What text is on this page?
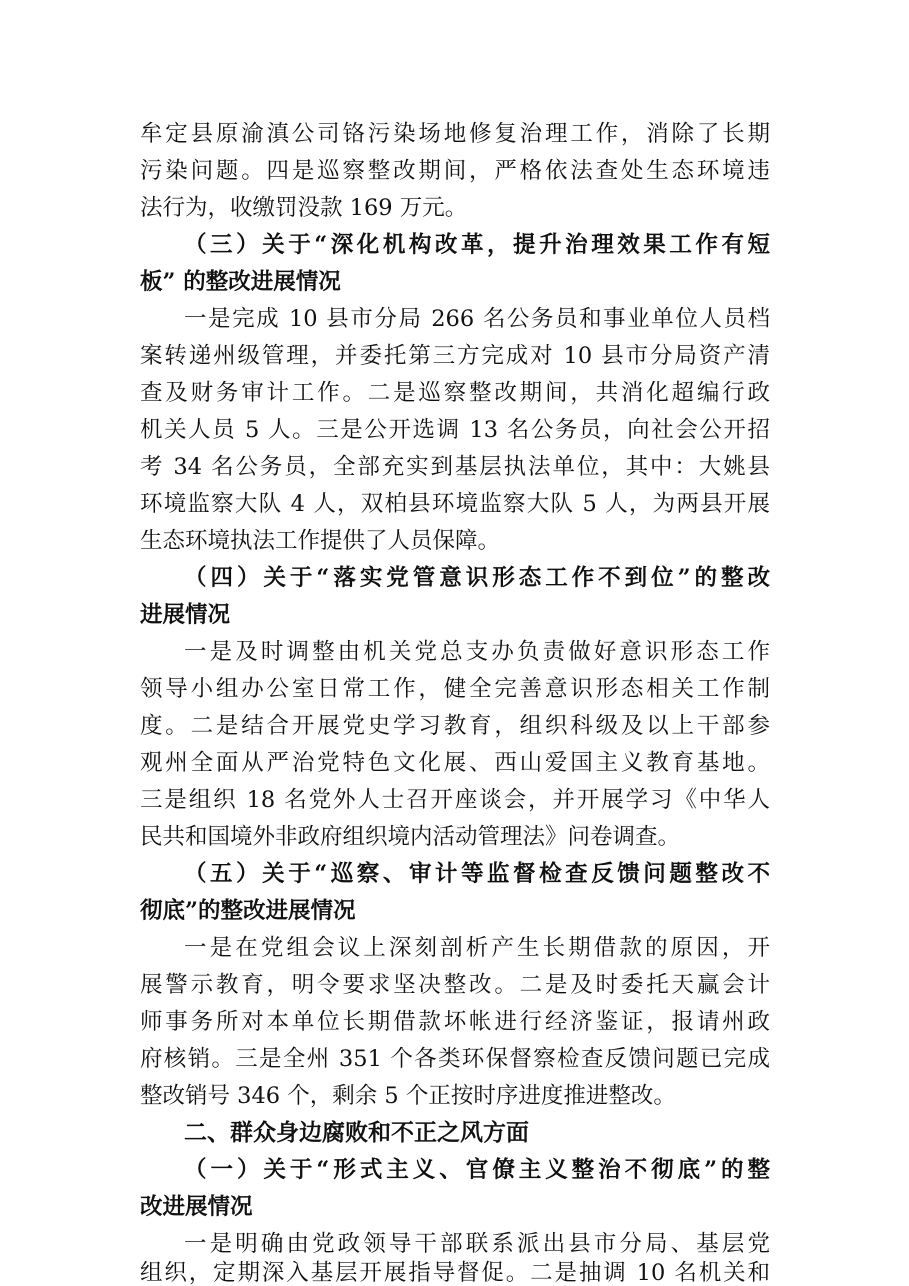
牟定县原渝滇公司铬污染场地修复治理工作，消除了长期
污染问题。四是巡察整改期间，严格依法查处生态环境违
法行为，收缴罚没款 169 万元。
（三）关于“深化机构改革，提升治理效果工作有短
板” 的整改进展情况
一是完成 10 县市分局 266 名公务员和事业单位人员档
案转递州级管理，并委托第三方完成对 10 县市分局资产清
查及财务审计工作。二是巡察整改期间，共消化超编行政
机关人员 5 人。三是公开选调 13 名公务员，向社会公开招
考 34 名公务员，全部充实到基层执法单位，其中：大姚县
环境监察大队 4 人，双柏县环境监察大队 5 人，为两县开展
生态环境执法工作提供了人员保障。
（四）关于“落实党管意识形态工作不到位”的整改
进展情况
一是及时调整由机关党总支办负责做好意识形态工作
领导小组办公室日常工作，健全完善意识形态相关工作制
度。二是结合开展党史学习教育，组织科级及以上干部参
观州全面从严治党特色文化展、西山爱国主义教育基地。
三是组织 18 名党外人士召开座谈会，并开展学习《中华人
民共和国境外非政府组织境内活动管理法》问卷调查。
（五）关于“巡察、审计等监督检查反馈问题整改不
彻底”的整改进展情况
一是在党组会议上深刻剖析产生长期借款的原因，开
展警示教育，明令要求坚决整改。二是及时委托天赢会计
师事务所对本单位长期借款坏帐进行经济鉴证，报请州政
府核销。三是全州 351 个各类环保督察检查反馈问题已完成
整改销号 346 个，剩余 5 个正按时序进度推进整改。
二、群众身边腐败和不正之风方面
（一）关于“形式主义、官僚主义整治不彻底”的整
改进展情况
一是明确由党政领导干部联系派出县市分局、基层党
组织，定期深入基层开展指导督促。二是抽调 10 名机关和
